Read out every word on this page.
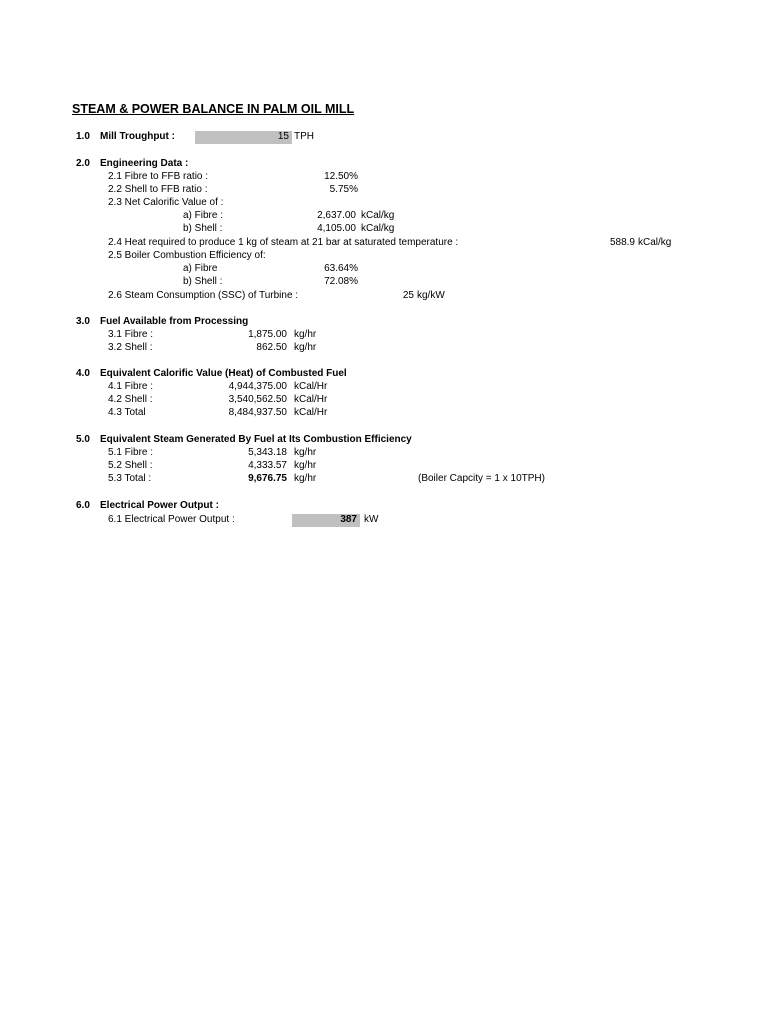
STEAM & POWER BALANCE IN PALM OIL MILL
1.0 Mill Troughput :	15 TPH
2.0 Engineering Data :
2.1 Fibre to FFB ratio :	12.50%
2.2 Shell to FFB ratio :	5.75%
2.3 Net Calorific Value of :
a) Fibre :	2,637.00 kCal/kg
b) Shell :	4,105.00 kCal/kg
2.4 Heat required to produce 1 kg of steam at 21 bar at saturated temperature :	588.9 kCal/kg
2.5 Boiler Combustion Efficiency of:
a) Fibre	63.64%
b) Shell :	72.08%
2.6 Steam Consumption (SSC) of Turbine :	25 kg/kW
3.0 Fuel Available from Processing
3.1 Fibre :	1,875.00 kg/hr
3.2 Shell :	862.50 kg/hr
4.0 Equivalent Calorific Value (Heat) of Combusted Fuel
4.1 Fibre :	4,944,375.00 kCal/Hr
4.2 Shell :	3,540,562.50 kCal/Hr
4.3 Total	8,484,937.50 kCal/Hr
5.0 Equivalent Steam Generated By Fuel at Its Combustion Efficiency
5.1 Fibre :	5,343.18 kg/hr
5.2 Shell :	4,333.57 kg/hr
5.3 Total :	9,676.75 kg/hr	(Boiler Capcity = 1 x 10TPH)
6.0 Electrical Power Output :
6.1 Electrical Power Output :	387 kW
